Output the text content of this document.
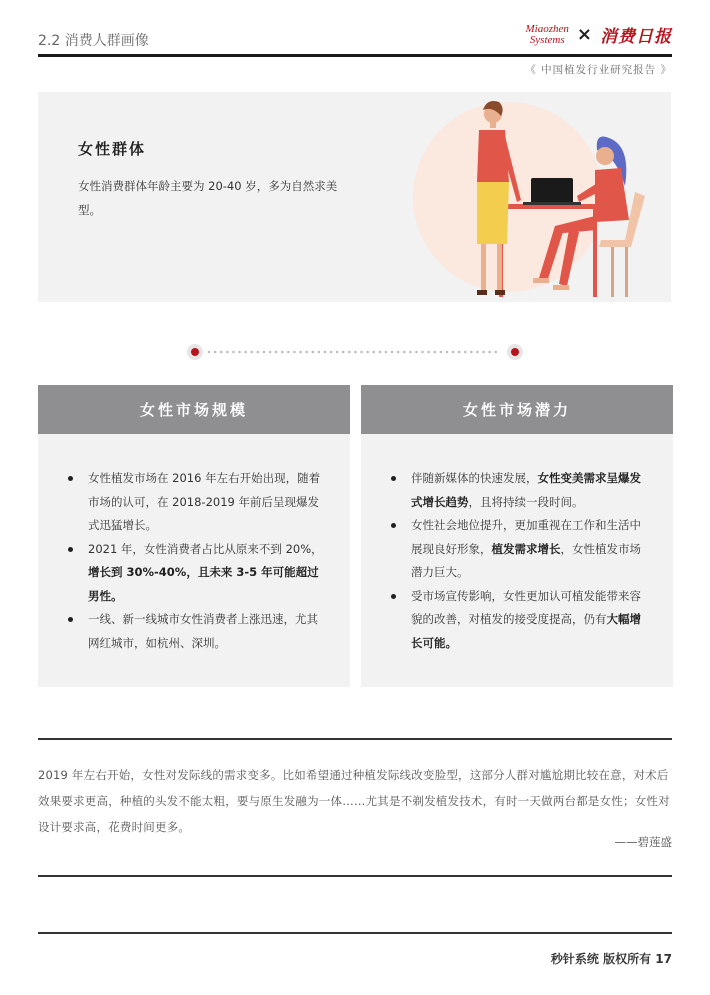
2.2 消费人群画像
Miaozhen
Systems × 消费日报
《 中国植发行业研究报告 》
女性群体
女性消费群体年龄主要为 20-40 岁，多为自然求美型。
女性市场规模
女性植发市场在 2016 年左右开始出现，随着市场的认可，在 2018-2019 年前后呈现爆发式迅猛增长。
2021 年，女性消费者占比从原来不到 20%，增长到 30%-40%，且未来 3-5 年可能超过男性。
一线、新一线城市女性消费者上涨迅速，尤其网红城市，如杭州、深圳。
女性市场潜力
伴随新媒体的快速发展，女性变美需求呈爆发式增长趋势，且将持续一段时间。
女性社会地位提升，更加重视在工作和生活中展现良好形象，植发需求增长，女性植发市场潜力巨大。
受市场宣传影响，女性更加认可植发能带来容貌的改善，对植发的接受度提高，仍有大幅增长可能。
2019 年左右开始，女性对发际线的需求变多。比如希望通过种植发际线改变脸型，这部分人群对尴尬期比较在意，对术后效果要求更高，种植的头发不能太粗，要与原生发融为一体……尤其是不剃发植发技术，有时一天做两台都是女性；女性对设计要求高，花费时间更多。
——碧莲盛
秒针系统 版权所有 17
